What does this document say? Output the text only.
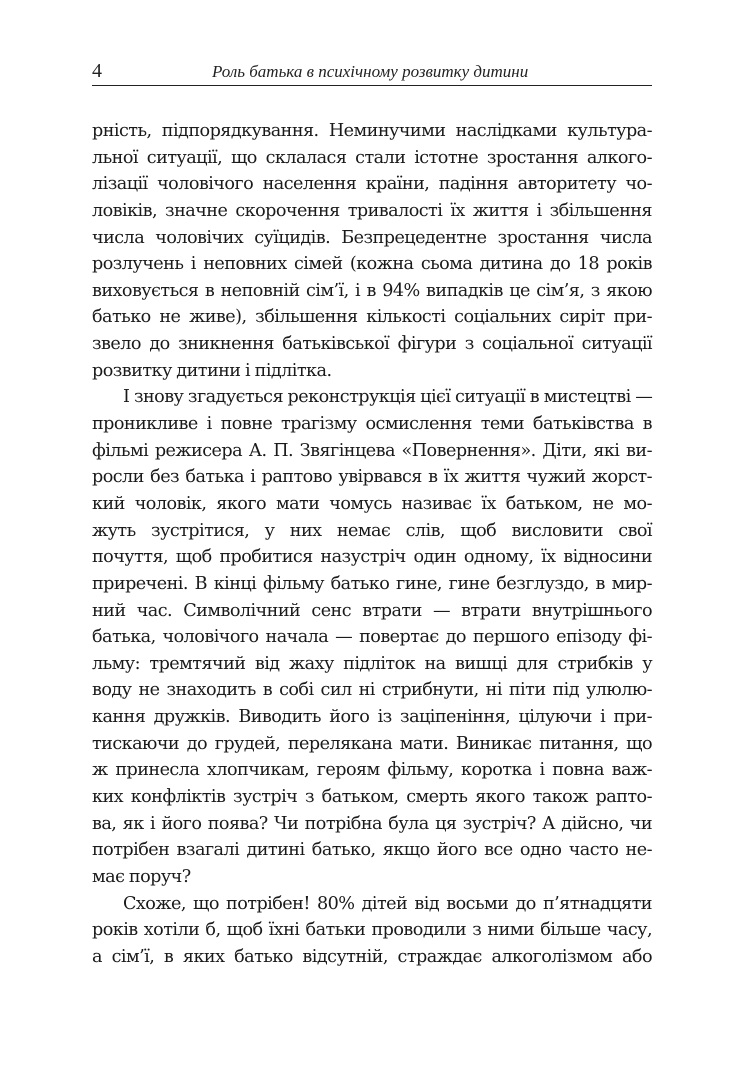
4	Роль батька в психічному розвитку дитини
рність, підпорядкування. Неминучими наслідками культура-
льної ситуації, що склалася стали істотне зростання алкого-
лізації чоловічого населення країни, падіння авторитету чо-
ловіків, значне скорочення тривалості їх життя і збільшення
числа чоловічих суїцидів. Безпрецедентне зростання числа
розлучень і неповних сімей (кожна сьома дитина до 18 років
виховується в неповній сім’ї, і в 94% випадків це сім’я, з якою
батько не живе), збільшення кількості соціальних сиріт при-
звело до зникнення батьківської фігури з соціальної ситуації
розвитку дитини і підлітка.
І знову згадується реконструкція цієї ситуації в мистецтві —
проникливе і повне трагізму осмислення теми батьківства в
фільмі режисера А. П. Звягінцева «Повернення». Діти, які ви-
росли без батька і раптово увірвався в їх життя чужий жорст-
кий чоловік, якого мати чомусь називає їх батьком, не мо-
жуть зустрітися, у них немає слів, щоб висловити свої
почуття, щоб пробитися назустріч один одному, їх відносини
приречені. В кінці фільму батько гине, гине безглуздо, в мир-
ний час. Символічний сенс втрати — втрати внутрішнього
батька, чоловічого начала — повертає до першого епізоду фі-
льму: тремтячий від жаху підліток на вишці для стрибків у
воду не знаходить в собі сил ні стрибнути, ні піти під улюлю-
кання дружків. Виводить його із заціпеніння, цілуючи і при-
тискаючи до грудей, перелякана мати. Виникає питання, що
ж принесла хлопчикам, героям фільму, коротка і повна важ-
ких конфліктів зустріч з батьком, смерть якого також рапто-
ва, як і його поява? Чи потрібна була ця зустріч? А дійсно, чи
потрібен взагалі дитині батько, якщо його все одно часто не-
має поруч?
Схоже, що потрібен! 80% дітей від восьми до п’ятнадцяти
років хотіли б, щоб їхні батьки проводили з ними більше часу,
а сім’ї, в яких батько відсутній, страждає алкоголізмом або
